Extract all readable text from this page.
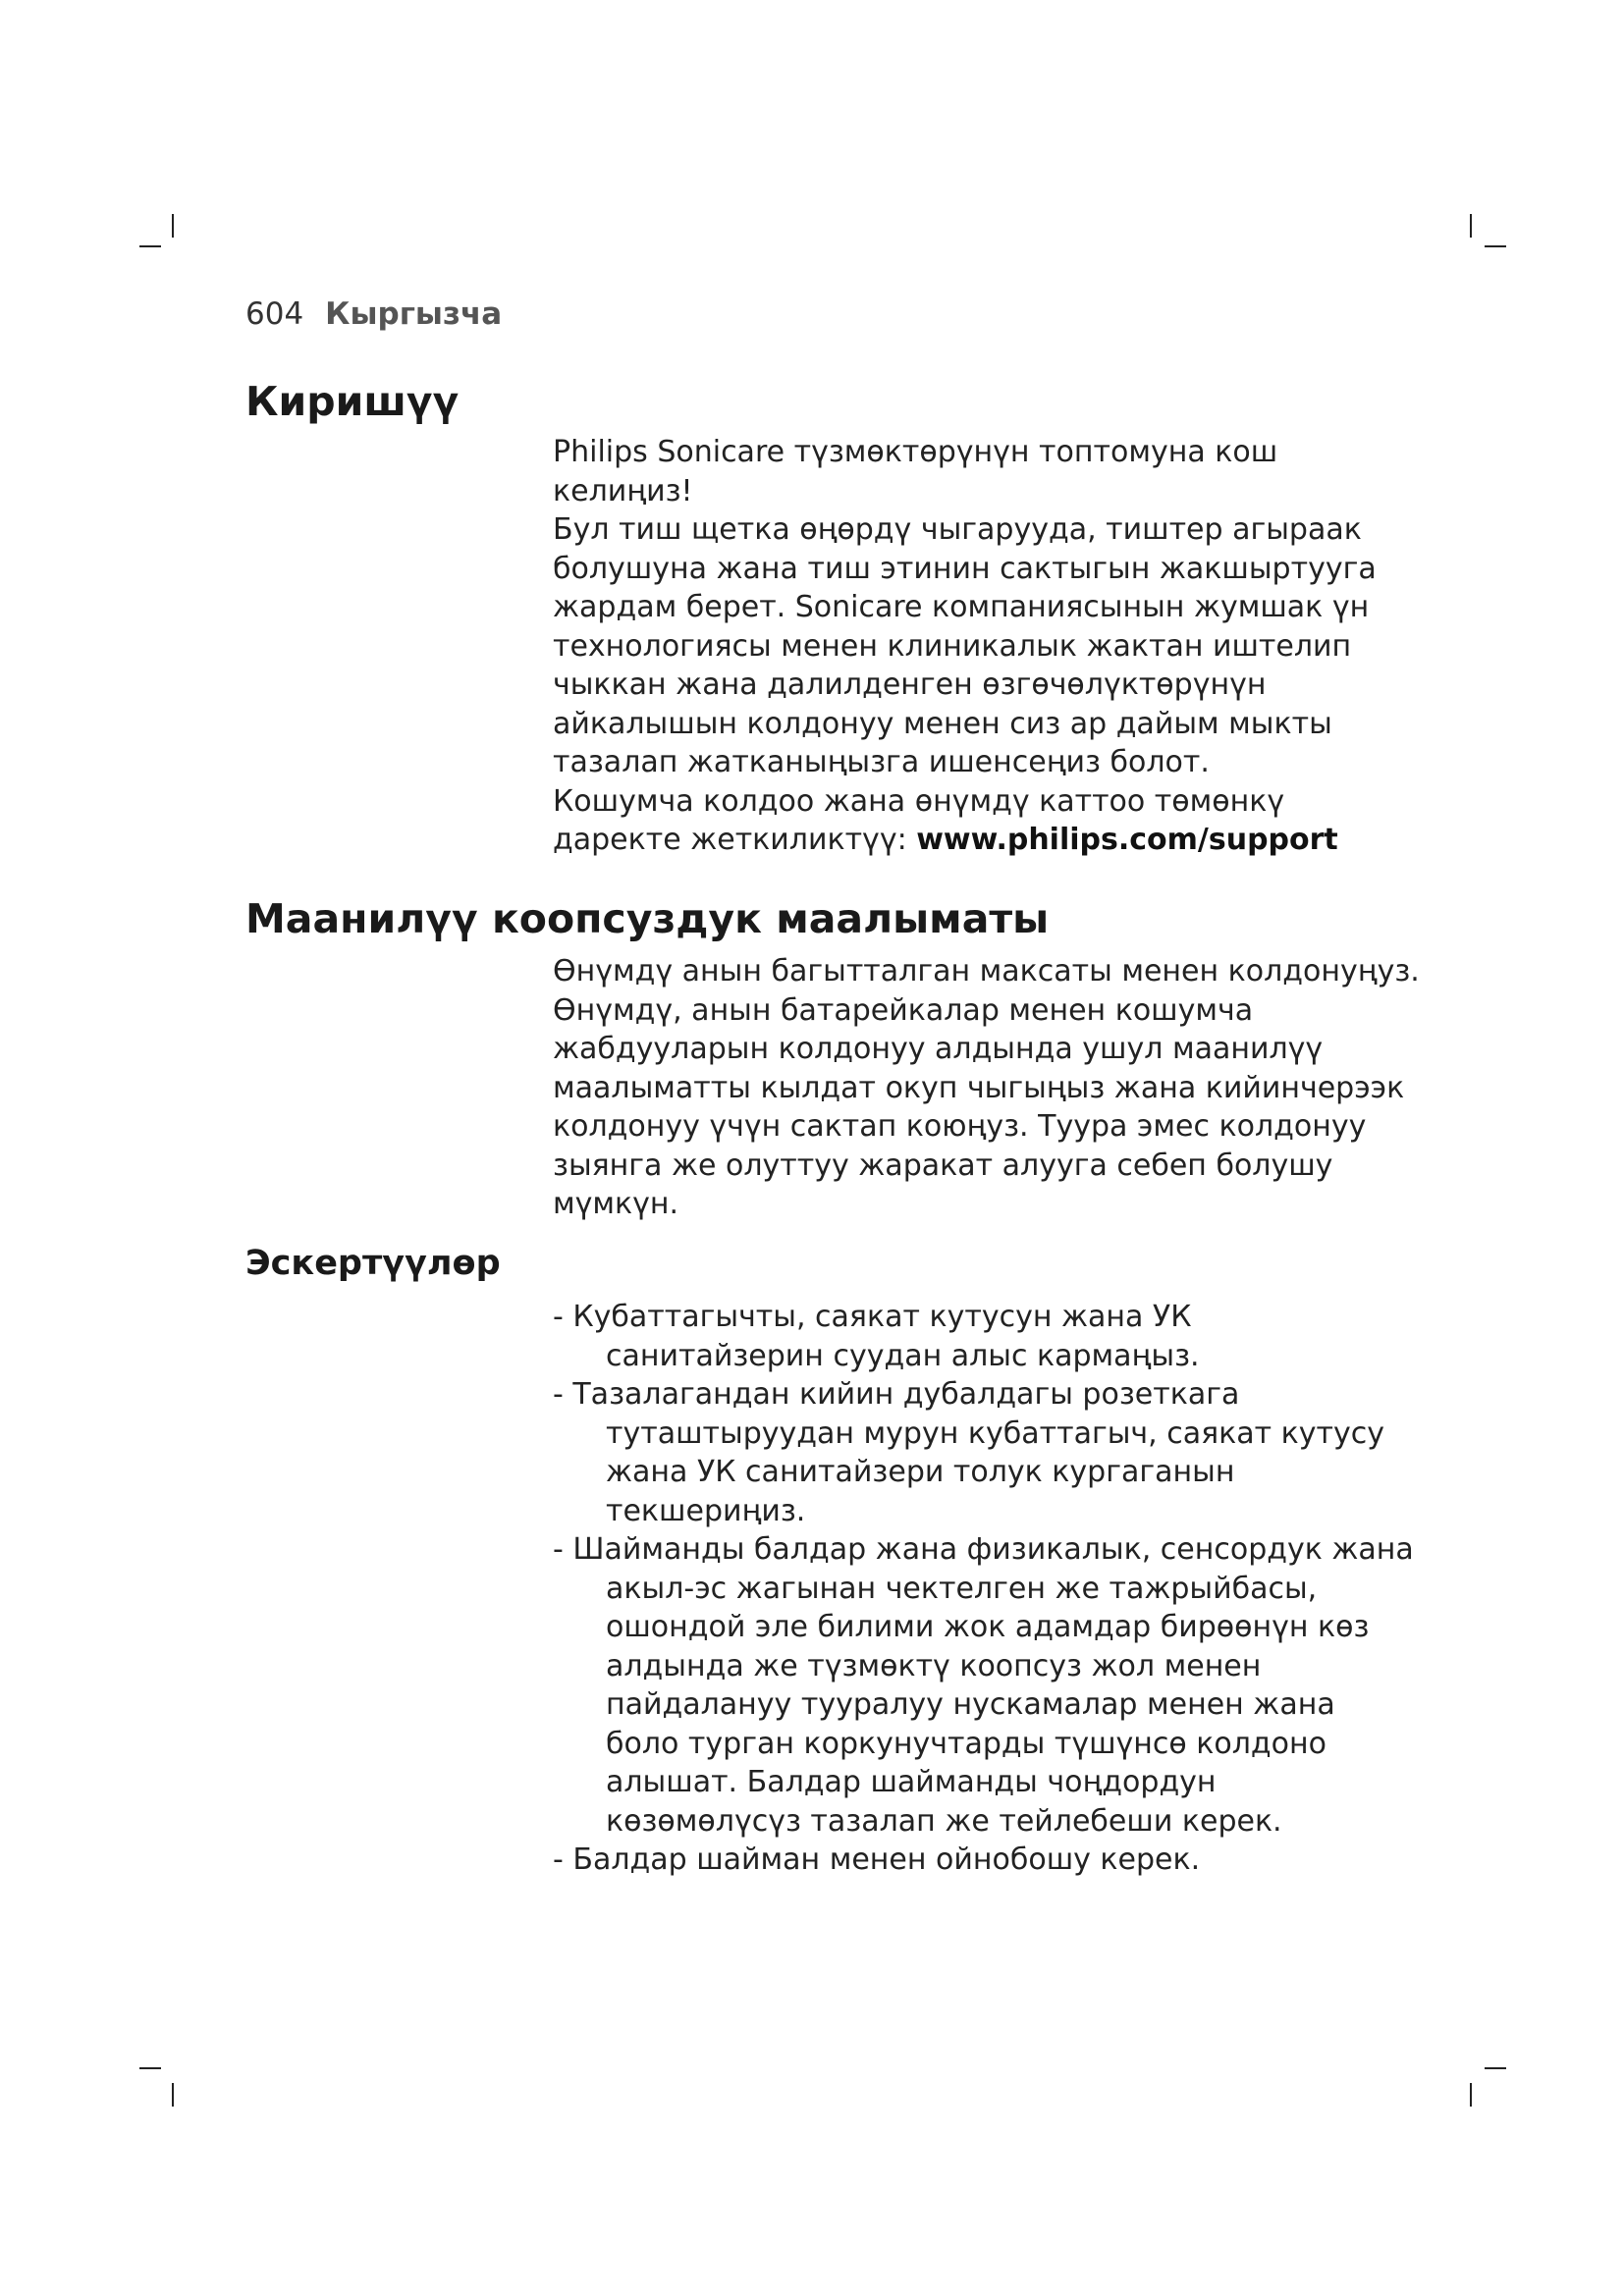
604 Кыргызча
Киришүү

Philips Sonicare түзмөктөрүнүн топтомуна кош

келиңиз!

Бул тиш щетка өңөрдү чыгарууда, тиштер агыраак

болушуна жана тиш этинин сактыгын жакшыртууга

жардам берет. Sonicare компаниясынын жумшак үн

технологиясы менен клиникалык жактан иштелип

чыккан жана далилденген өзгөчөлүктөрүнүн

айкалышын колдонуу менен сиз ар дайым мыкты

тазалап жатканыңызга ишенсеңиз болот.

Кошумча колдоо жана өнүмдү каттоо төмөнкү

даректе жеткиликтүү: www.philips.com/support

Маанилүү коопсуздук маалыматы

Өнүмдү анын багытталган максаты менен колдонуңуз.

Өнүмдү, анын батарейкалар менен кошумча

жабдууларын колдонуу алдында ушул маанилүү

маалыматты кылдат окуп чыгыңыз жана кийинчерээк

колдонуу үчүн сактап коюңуз. Туура эмес колдонуу

зыянга же олуттуу жаракат алууга себеп болушу

мүмкүн.

Эскертүүлөр
- Кубаттагычты, саякат кутусун жана УК санитайзерин суудан алыс кармаңыз.
- Тазалагандан кийин дубалдагы розеткага туташтыруудан мурун кубаттагыч, саякат кутусу жана УК санитайзери толук кургаганын текшериңиз.
- Шайманды балдар жана физикалык, сенсордук жана акыл-эс жагынан чектелген же тажрыйбасы, ошондой эле билими жок адамдар бирөөнүн көз алдында же түзмөктү коопсуз жол менен пайдалануу тууралуу нускамалар менен жана боло турган коркунучтарды түшүнсө колдоно алышат. Балдар шайманды чоңдордун көзөмөлүсүз тазалап же тейлебеши керек.
- Балдар шайман менен ойнобошу керек.
